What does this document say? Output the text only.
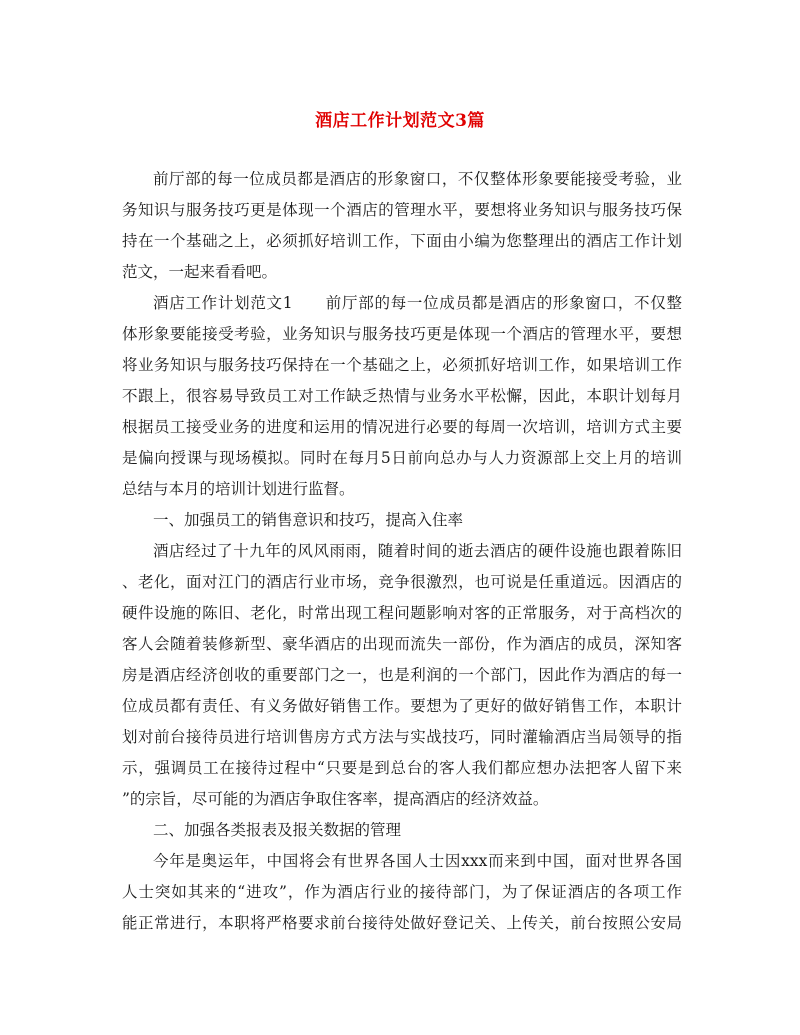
酒店工作计划范文3篇
前厅部的每一位成员都是酒店的形象窗口，不仅整体形象要能接受考验，业
务知识与服务技巧更是体现一个酒店的管理水平，要想将业务知识与服务技巧保
持在一个基础之上，必须抓好培训工作，下面由小编为您整理出的酒店工作计划
范文，一起来看看吧。
酒店工作计划范文1　　前厅部的每一位成员都是酒店的形象窗口，不仅整
体形象要能接受考验，业务知识与服务技巧更是体现一个酒店的管理水平，要想
将业务知识与服务技巧保持在一个基础之上，必须抓好培训工作，如果培训工作
不跟上，很容易导致员工对工作缺乏热情与业务水平松懈，因此，本职计划每月
根据员工接受业务的进度和运用的情况进行必要的每周一次培训，培训方式主要
是偏向授课与现场模拟。同时在每月5日前向总办与人力资源部上交上月的培训
总结与本月的培训计划进行监督。
一、加强员工的销售意识和技巧，提高入住率
酒店经过了十九年的风风雨雨，随着时间的逝去酒店的硬件设施也跟着陈旧
、老化，面对江门的酒店行业市场，竞争很激烈，也可说是任重道远。因酒店的
硬件设施的陈旧、老化，时常出现工程问题影响对客的正常服务，对于高档次的
客人会随着装修新型、豪华酒店的出现而流失一部份，作为酒店的成员，深知客
房是酒店经济创收的重要部门之一，也是利润的一个部门，因此作为酒店的每一
位成员都有责任、有义务做好销售工作。要想为了更好的做好销售工作，本职计
划对前台接待员进行培训售房方式方法与实战技巧，同时灌输酒店当局领导的指
示，强调员工在接待过程中“只要是到总台的客人我们都应想办法把客人留下来
”的宗旨，尽可能的为酒店争取住客率，提高酒店的经济效益。
二、加强各类报表及报关数据的管理
今年是奥运年，中国将会有世界各国人士因xxx而来到中国，面对世界各国
人士突如其来的“进攻”，作为酒店行业的接待部门，为了保证酒店的各项工作
能正常进行，本职将严格要求前台接待处做好登记关、上传关，前台按照公安局
